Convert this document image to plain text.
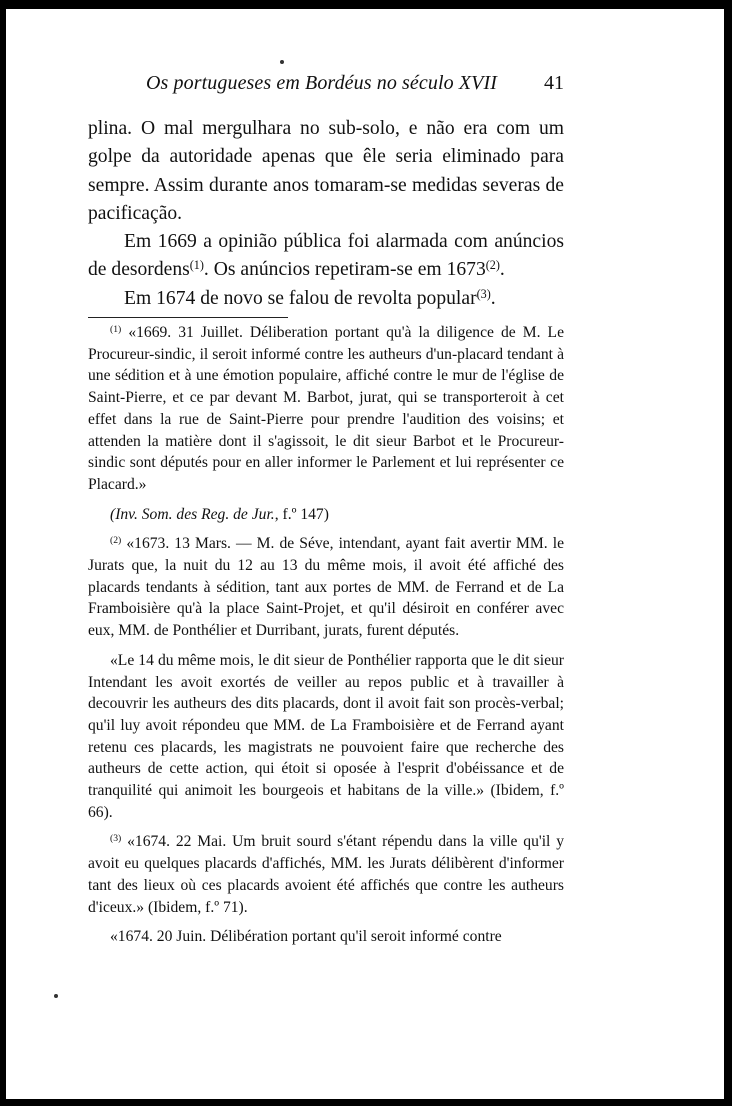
Os portugueses em Bordéus no século XVII 41

plina. O mal mergulhara no sub-solo, e não era com um golpe da autoridade apenas que êle seria eliminado para sempre. Assim durante anos tomaram-se medidas severas de pacificação.

Em 1669 a opinião pública foi alarmada com anúncios de desordens$^{(1)}$. Os anúncios repetiram-se em 1673$^{(2)}$.

Em 1674 de novo se falou de revolta popular$^{(3)}$.

$^{(1)}$ «1669. 31 Juillet. Déliberation portant qu'à la diligence de M. Le Procureur-sindic, il seroit informé contre les autheurs d'un-placard tendant à une sédition et à une émotion populaire, affiché contre le mur de l'église de Saint-Pierre, et ce par devant M. Barbot, jurat, qui se transporteroit à cet effet dans la rue de Saint-Pierre pour prendre l'audition des voisins; et attenden la matière dont il s'agissoit, le dit sieur Barbot et le Procureur-sindic sont députés pour en aller informer le Parlement et lui représenter ce Placard.»

(Inv. Som. des Reg. de Jur., f.º 147)

$^{(2)}$ «1673. 13 Mars. — M. de Séve, intendant, ayant fait avertir MM. le Jurats que, la nuit du 12 au 13 du même mois, il avoit été affiché des placards tendants à sédition, tant aux portes de MM. de Ferrand et de La Framboisière qu'à la place Saint-Projet, et qu'il désiroit en conférer avec eux, MM. de Ponthélier et Durribant, jurats, furent députés.

«Le 14 du même mois, le dit sieur de Ponthélier rapporta que le dit sieur Intendant les avoit exortés de veiller au repos public et à travailler à decouvrir les autheurs des dits placards, dont il avoit fait son procès-verbal; qu'il luy avoit répondeu que MM. de La Framboisière et de Ferrand ayant retenu ces placards, les magistrats ne pouvoient faire que recherche des autheurs de cette action, qui étoit si oposée à l'esprit d'obéissance et de tranquilité qui animoit les bourgeois et habitans de la ville.» (Ibidem, f.º 66).

$^{(3)}$ «1674. 22 Mai. Um bruit sourd s'étant répendu dans la ville qu'il y avoit eu quelques placards d'affichés, MM. les Jurats délibèrent d'informer tant des lieux où ces placards avoient été affichés que contre les autheurs d'iceux.» (Ibidem, f.º 71).

«1674. 20 Juin. Délibération portant qu'il seroit informé contre
